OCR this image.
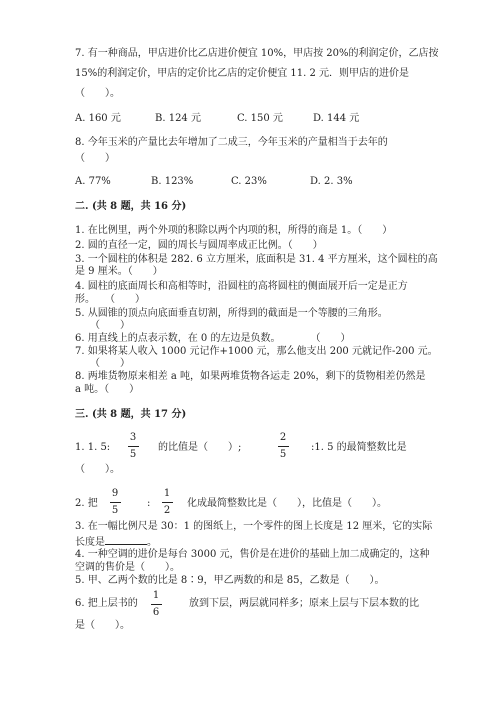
7. 有一种商品，甲店进价比乙店进价便宜 10%，甲店按 20%的利润定价，乙店按
15%的利润定价，甲店的定价比乙店的定价便宜 11. 2 元．则甲店的进价是
（　　）。
A. 160 元	B. 124 元	C. 150 元	D. 144 元
8. 今年玉米的产量比去年增加了二成三，今年玉米的产量相当于去年的
（　　）
A. 77%	B. 123%	C. 23%	D. 2. 3%
二. (共 8 题，共 16 分)
1. 在比例里，两个外项的积除以两个内项的积，所得的商是 1。（　　）
2. 圆的直径一定，圆的周长与圆周率成正比例。（　　）
3. 一个圆柱的体积是 282. 6 立方厘米，底面积是 31. 4 平方厘米，这个圆柱的高
是 9 厘米。（　　）
4. 圆柱的底面周长和高相等时，沿圆柱的高将圆柱的侧面展开后一定是正方
形。　　（　　）
5. 从圆锥的顶点向底面垂直切割，所得到的截面是一个等腰的三角形。
　　（　　）
6. 用直线上的点表示数，在 0 的左边是负数。　　　　（　　）
7. 如果将某人收入 1000 元记作+1000 元，那么他支出 200 元就记作-200 元。
　　（　　）
8. 两堆货物原来相差 a 吨，如果两堆货物各运走 20%，剩下的货物相差仍然是
a 吨。（　　）
三. (共 8 题，共 17 分)
1. 1. 5:
3
5
的比值是（　　）;
2
5
:1. 5 的最简整数比是
（　　）。
2. 把
9
5
:
1
2
化成最简整数比是（　　），比值是（　　）。
3. 在一幅比例尺是 30：1 的图纸上，一个零件的图上长度是 12 厘米，它的实际
长度是	。
4. 一种空调的进价是每台 3000 元，售价是在进价的基础上加二成确定的，这种
空调的售价是（　　）。
5. 甲、乙两个数的比是 8∶9，甲乙两数的和是 85，乙数是（　　）。
6. 把上层书的
1
6
放到下层，两层就同样多；原来上层与下层本数的比
是（　　）。
